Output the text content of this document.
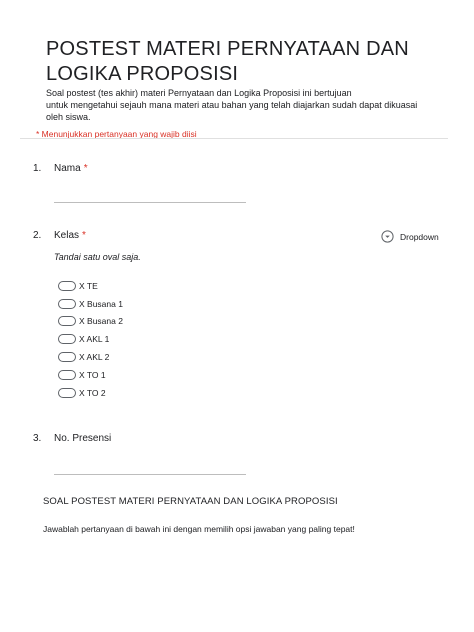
POSTEST MATERI PERNYATAAN DAN
LOGIKA PROPOSISI
Soal postest (tes akhir) materi Pernyataan dan Logika Proposisi ini bertujuan
untuk mengetahui sejauh mana materi atau bahan yang telah diajarkan sudah dapat dikuasai
oleh siswa.
* Menunjukkan pertanyaan yang wajib diisi
1. Nama *
2. Kelas *	Dropdown
Tandai satu oval saja.
X TE
X Busana 1
X Busana 2
X AKL 1
X AKL 2
X TO 1
X TO 2
3. No. Presensi
SOAL POSTEST MATERI PERNYATAAN DAN LOGIKA PROPOSISI
Jawablah pertanyaan di bawah ini dengan memilih opsi jawaban yang paling tepat!
